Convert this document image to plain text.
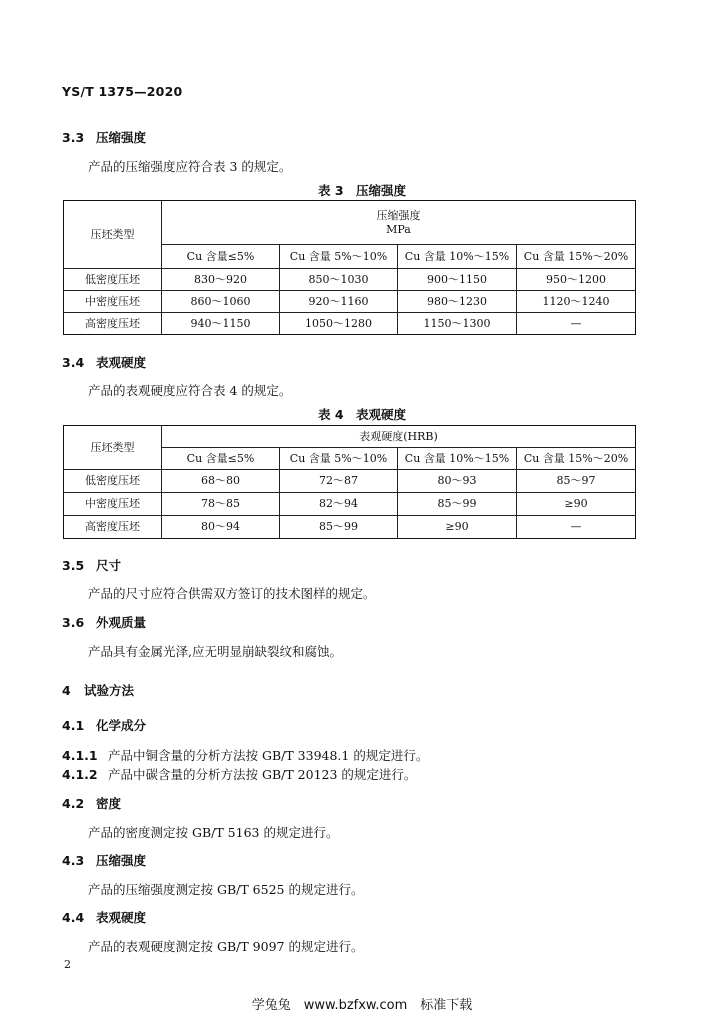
YS/T 1375—2020
3.3 压缩强度
产品的压缩强度应符合表 3 的规定。
表 3　压缩强度
压坯类型	压缩强度
MPa			

	Cu 含量≤5%	Cu 含量 5%～10%	Cu 含量 10%～15%	Cu 含量 15%～20%
低密度压坯	830～920	850～1030	900～1150	950～1200
中密度压坯	860～1060	920～1160	980～1230	1120～1240
高密度压坯	940～1150	1050～1280	1150～1300	—
3.4 表观硬度
产品的表观硬度应符合表 4 的规定。
表 4　表观硬度
压坯类型	表观硬度(HRB)			
	Cu 含量≤5%	Cu 含量 5%～10%	Cu 含量 10%～15%	Cu 含量 15%～20%
低密度压坯	68～80	72～87	80～93	85～97
中密度压坯	78～85	82～94	85～99	≥90
高密度压坯	80～94	85～99	≥90	—
3.5 尺寸
产品的尺寸应符合供需双方签订的技术图样的规定。
3.6 外观质量
产品具有金属光泽,应无明显崩缺裂纹和腐蚀。
4 试验方法
4.1 化学成分
4.1.1 产品中铜含量的分析方法按 GB/T 33948.1 的规定进行。
4.1.2 产品中碳含量的分析方法按 GB/T 20123 的规定进行。
4.2 密度
产品的密度测定按 GB/T 5163 的规定进行。
4.3 压缩强度
产品的压缩强度测定按 GB/T 6525 的规定进行。
4.4 表观硬度
产品的表观硬度测定按 GB/T 9097 的规定进行。
2
学兔兔　www.bzfxw.com　标准下载
